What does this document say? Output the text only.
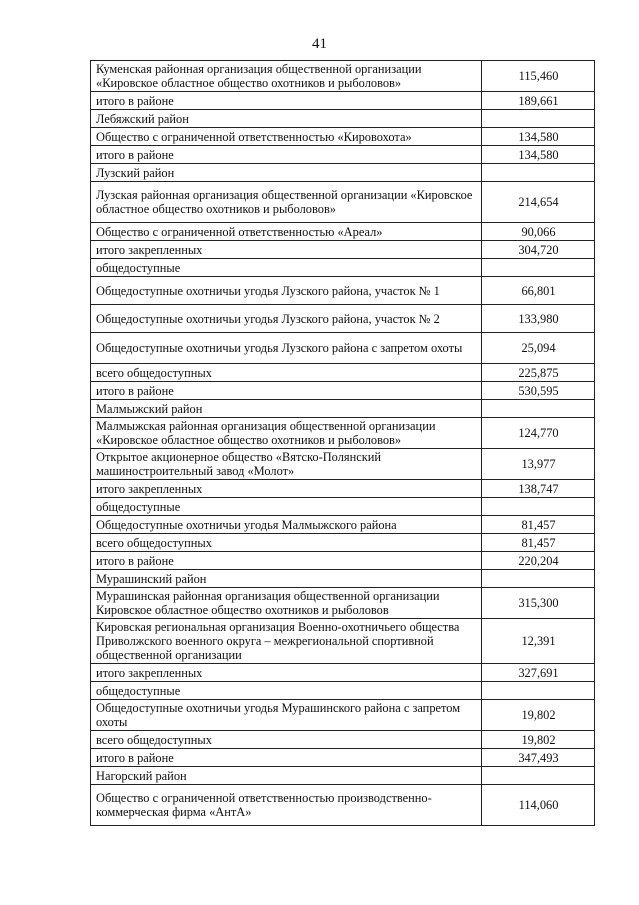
41
Куменская районная организация общественной организации «Кировское областное общество охотников и рыболовов»	115,460
итого в районе	189,661
Лебяжский район	
Общество с ограниченной ответственностью «Кировохота»	134,580
итого в районе	134,580
Лузский район	
Лузская районная организация общественной организации «Кировское областное общество охотников и рыболовов»	214,654
Общество с ограниченной ответственностью «Ареал»	90,066
итого закрепленных	304,720
общедоступные	
Общедоступные охотничьи угодья Лузского района, участок № 1	66,801
Общедоступные охотничьи угодья Лузского района, участок № 2	133,980
Общедоступные охотничьи угодья Лузского района с запретом охоты	25,094
всего общедоступных	225,875
итого в районе	530,595
Малмыжский район	
Малмыжская районная организация общественной организации «Кировское областное общество охотников и рыболовов»	124,770
Открытое акционерное общество «Вятско-Полянский машиностроительный завод «Молот»	13,977
итого закрепленных	138,747
общедоступные	
Общедоступные охотничьи угодья Малмыжского района	81,457
всего общедоступных	81,457
итого в районе	220,204
Мурашинский район	
Мурашинская районная организация общественной организации Кировское областное общество охотников и рыболовов	315,300
Кировская региональная организация Военно-охотничьего общества Приволжского военного округа – межрегиональной спортивной общественной организации	12,391
итого закрепленных	327,691
общедоступные	
Общедоступные охотничьи угодья Мурашинского района с запретом охоты	19,802
всего общедоступных	19,802
итого в районе	347,493
Нагорский район	
Общество с ограниченной ответственностью производственно-коммерческая фирма «АнтА»	114,060
